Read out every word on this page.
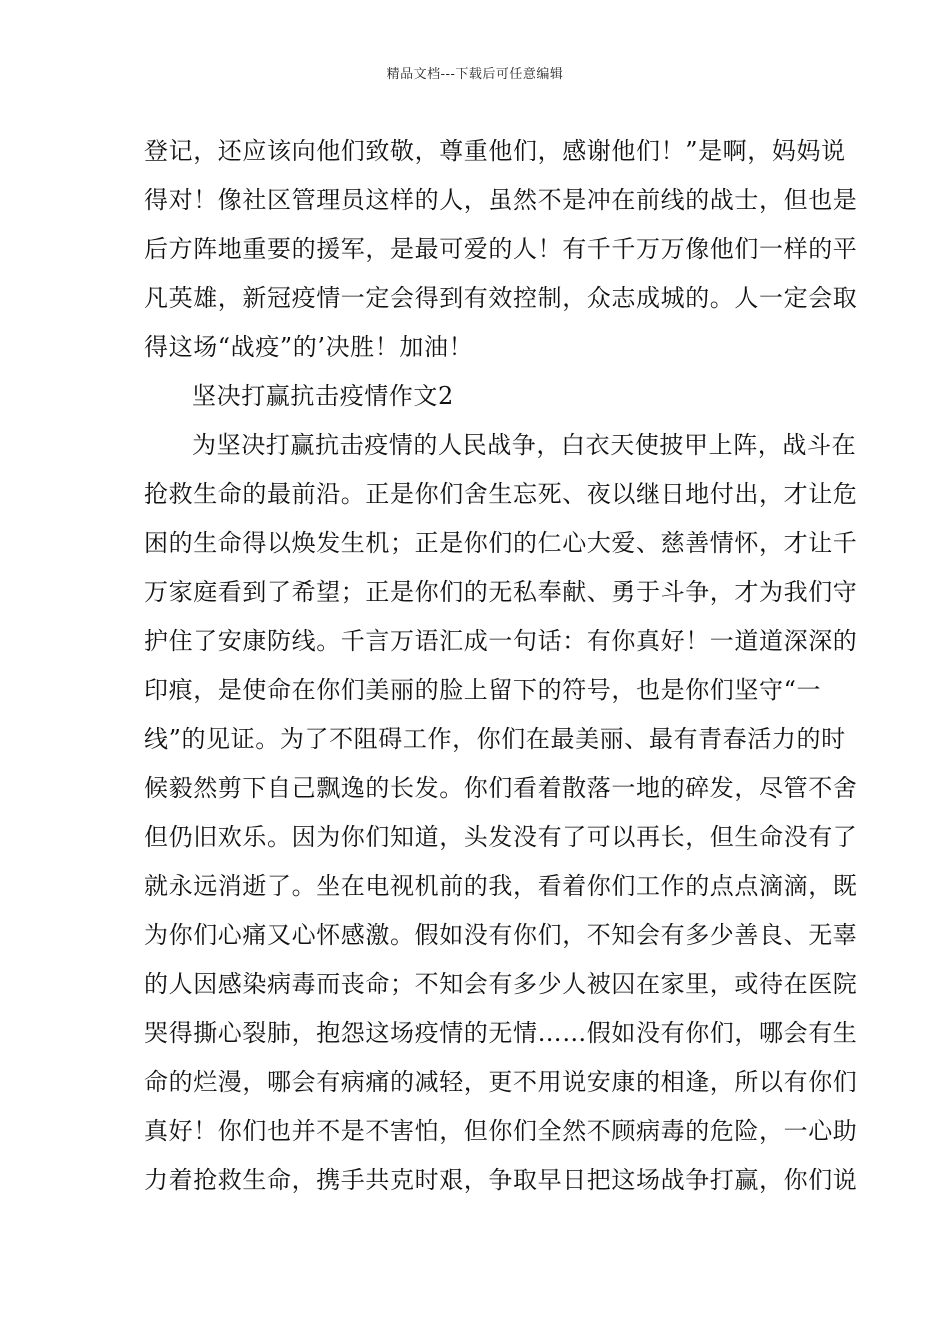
精品文档---下载后可任意编辑
登记，还应该向他们致敬，尊重他们，感谢他们！”是啊，妈妈说
得对！像社区管理员这样的人，虽然不是冲在前线的战士，但也是
后方阵地重要的援军，是最可爱的人！有千千万万像他们一样的平
凡英雄，新冠疫情一定会得到有效控制，众志成城的。人一定会取
得这场“战疫”的’决胜！加油！
坚决打赢抗击疫情作文2
为坚决打赢抗击疫情的人民战争，白衣天使披甲上阵，战斗在
抢救生命的最前沿。正是你们舍生忘死、夜以继日地付出，才让危
困的生命得以焕发生机；正是你们的仁心大爱、慈善情怀，才让千
万家庭看到了希望；正是你们的无私奉献、勇于斗争，才为我们守
护住了安康防线。千言万语汇成一句话：有你真好！一道道深深的
印痕，是使命在你们美丽的脸上留下的符号，也是你们坚守“一
线”的见证。为了不阻碍工作，你们在最美丽、最有青春活力的时
候毅然剪下自己飘逸的长发。你们看着散落一地的碎发，尽管不舍
但仍旧欢乐。因为你们知道，头发没有了可以再长，但生命没有了
就永远消逝了。坐在电视机前的我，看着你们工作的点点滴滴，既
为你们心痛又心怀感激。假如没有你们，不知会有多少善良、无辜
的人因感染病毒而丧命；不知会有多少人被囚在家里，或待在医院
哭得撕心裂肺，抱怨这场疫情的无情……假如没有你们，哪会有生
命的烂漫，哪会有病痛的减轻，更不用说安康的相逢，所以有你们
真好！你们也并不是不害怕，但你们全然不顾病毒的危险，一心助
力着抢救生命，携手共克时艰，争取早日把这场战争打赢，你们说
